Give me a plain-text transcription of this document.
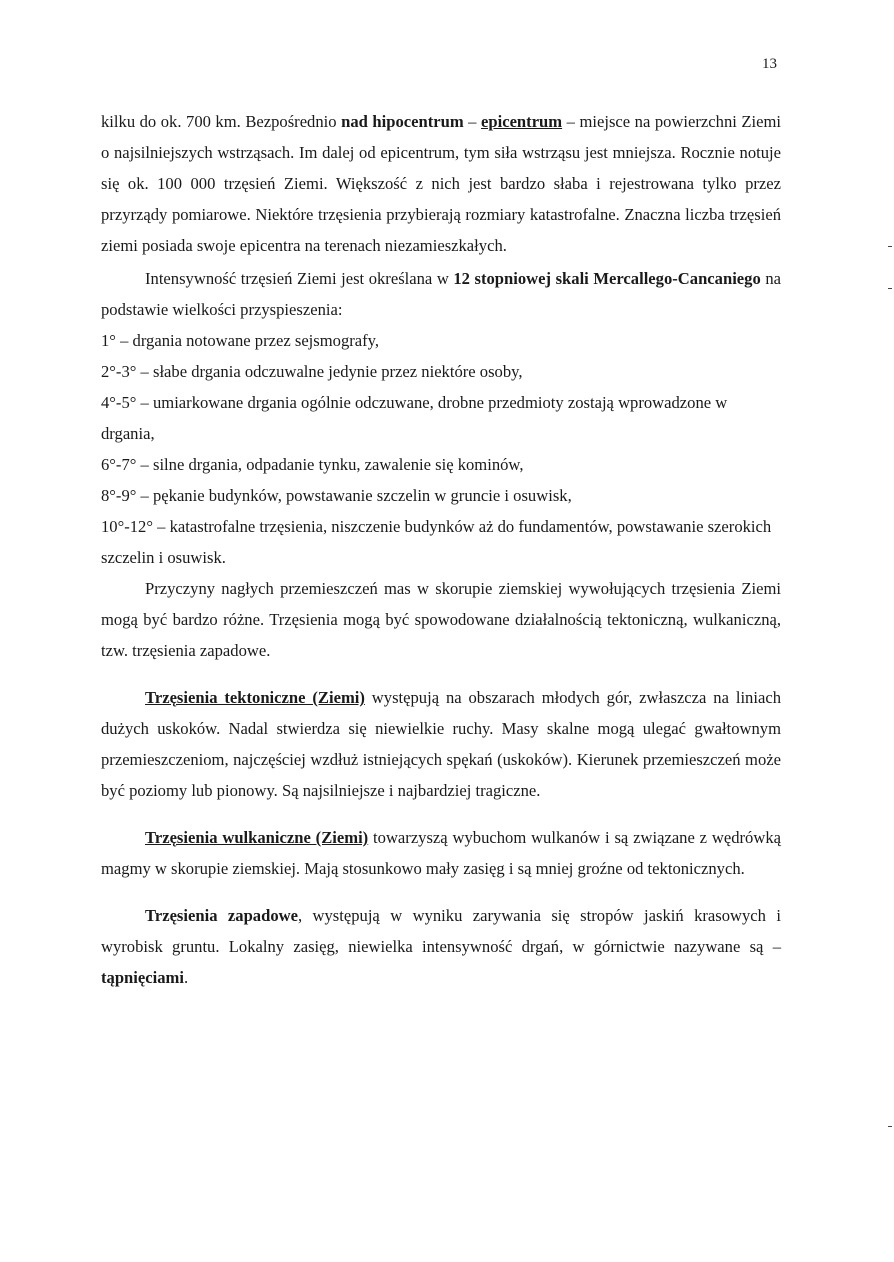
13

kilku do ok. 700 km. Bezpośrednio nad hipocentrum – epicentrum – miejsce na powierzchni Ziemi o najsilniejszych wstrząsach. Im dalej od epicentrum, tym siła wstrząsu jest mniejsza. Rocznie notuje się ok. 100 000 trzęsień Ziemi. Większość z nich jest bardzo słaba i rejestrowana tylko przez przyrządy pomiarowe. Niektóre trzęsienia przybierają rozmiary katastrofalne. Znaczna liczba trzęsień ziemi posiada swoje epicentra na terenach niezamieszkałych.

Intensywność trzęsień Ziemi jest określana w 12 stopniowej skali Mercallego-Cancaniego na podstawie wielkości przyspieszenia:

1° – drgania notowane przez sejsmografy,

2°-3° – słabe drgania odczuwalne jedynie przez niektóre osoby,

4°-5° – umiarkowane drgania ogólnie odczuwane, drobne przedmioty zostają wprowadzone w drgania,

6°-7° – silne drgania, odpadanie tynku, zawalenie się kominów,

8°-9° – pękanie budynków, powstawanie szczelin w gruncie i osuwisk,

10°-12° – katastrofalne trzęsienia, niszczenie budynków aż do fundamentów, powstawanie szerokich szczelin i osuwisk.

Przyczyny nagłych przemieszczeń mas w skorupie ziemskiej wywołujących trzęsienia Ziemi mogą być bardzo różne. Trzęsienia mogą być spowodowane działalnością tektoniczną, wulkaniczną, tzw. trzęsienia zapadowe.

Trzęsienia tektoniczne (Ziemi) występują na obszarach młodych gór, zwłaszcza na liniach dużych uskoków. Nadal stwierdza się niewielkie ruchy. Masy skalne mogą ulegać gwałtownym przemieszczeniom, najczęściej wzdłuż istniejących spękań (uskoków). Kierunek przemieszczeń może być poziomy lub pionowy. Są najsilniejsze i najbardziej tragiczne.

Trzęsienia wulkaniczne (Ziemi) towarzyszą wybuchom wulkanów i są związane z wędrówką magmy w skorupie ziemskiej. Mają stosunkowo mały zasięg i są mniej groźne od tektonicznych.

Trzęsienia zapadowe, występują w wyniku zarywania się stropów jaskiń krasowych i wyrobisk gruntu. Lokalny zasięg, niewielka intensywność drgań, w górnictwie nazywane są – tąpnięciami.
